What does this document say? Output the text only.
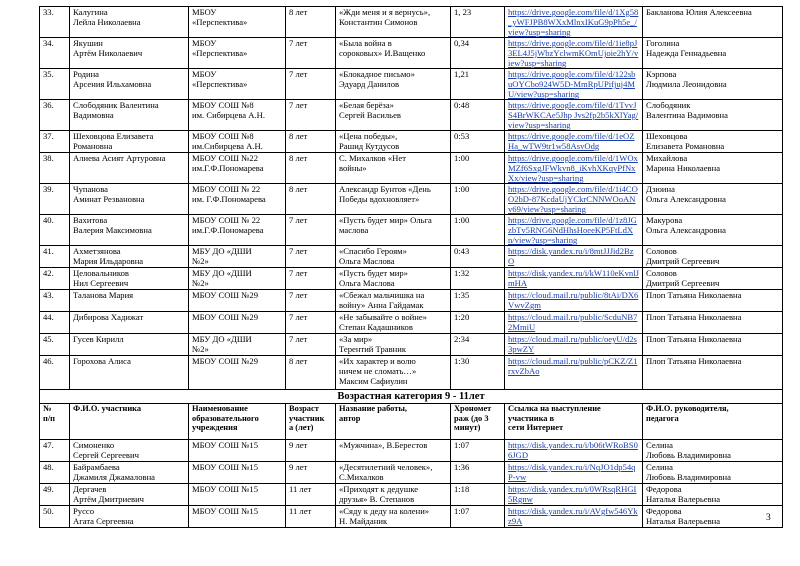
33.	Калугина
Лейла Николаевна	МБОУ
«Перспектива»	8 лет	«Жди меня и я вернусь»,
Константин Симонов	1, 23	https://drive.google.com/file/d/1Xg58_yWFJPB8WXxMlnxIKuG9pPh5e_/view?usp=sharing	Бакланова Юлия Алексеевна
34.	Якушин
Артём Николаевич	МБОУ
«Перспектива»	7 лет	«Была война в
сороковых» И.Ващенко	0,34	https://drive.google.com/file/d/1ie8pJ3EL4J5jWbzYclwmKOmUjoie2hY/view?usp=sharing	Гоголина
Надежда Геннадьевна
35.	Родина
Арсения Ильхамовна	МБОУ
«Перспектива»	7 лет	«Блокадное письмо»
Эдуард Данилов	1,21	https://drive.google.com/file/d/122sbuOYCbo924W5D-MmRpUPifjuj4MU/view?usp=sharing	Кэрпова
Людмила Леонидовна
36.	Слободяник Валентина
Вадимовна	МБОУ СОШ №8
им. Сибирцева А.Н.	7 лет	«Белая берёза»
Сергей Васильев	0:48	https://drive.google.com/file/d/1TvvJS4BrWKCAe5Jhp Jvs2fp2b5kXlYag/view?usp=sharing	Слободяник
Валентина Вадимовна
37.	Шеховцова Елизавета
Романовна	МБОУ СОШ №8
им.Сибирцева А.Н.	8 лет	«Цена победы»,
Рашид Кутдусов	0:53	https://drive.google.com/file/d/1eOZHa_wTW9tr1w58AsvOdg	Шеховцова
Елизавета Романовна
38.	Алиева Асият Артуровна	МБОУ СОШ №22
им.Г.Ф.Пономарева	8 лет	С. Михалков «Нет
войны»	1:00	https://drive.google.com/file/d/1WOxMZf6SxgJFWkvn8_iKvhXKqyPfNxXx/view?usp=sharing	Михайлова
Марина Николаевна
39.	Чупанова
Аминат Резвановна	МБОУ СОШ № 22
им. Г.Ф.Пономарева	8 лет	Александр Бунтов «День
Победы вдохновляет»	1:00	https://drive.google.com/file/d/1i4COO2bD-87KcdaUjYCkrCNNWOoANv69/view?usp=sharing	Дзюина
Ольга Александровна
40.	Вахитова
Валерия Максимовна	МБОУ СОШ № 22
им.Г.Ф.Пономарева	7 лет	«Пусть будет мир» Ольга
маслова	1:00	https://drive.google.com/file/d/1z8JGzbTv5RNG6NdHhsHoeeKP5FtLdXn/view?usp=sharing	Макурова
Ольга Александровна
41.	Ахметзянова
Мария Ильдаровна	МБУ ДО «ДШИ
№2»	7 лет	«Спасибо Героям»
Ольга Маслова	0:43	https://disk.yandex.ru/i/8mtJJJid2BzO	Соловов
Дмитрий Сергеевич
42.	Целовальников
Нил Сергеевич	МБУ ДО «ДШИ
№2»	7 лет	«Пусть будет мир»
Ольга Маслова	1:32	https://disk.yandex.ru/i/kW110eKvnlJmHA	Соловов
Дмитрий Сергеевич
43.	Таланова Мария	МБОУ СОШ №29	7 лет	«Сбежал мальчишка на
войну» Анна Гайдамак	1:35	https://cloud.mail.ru/public/8tAi/DX6VwvZgm	Плоп Татьяна Николаевна
44.	Дибирова Хадижат	МБОУ СОШ №29	7 лет	«Не забывайте о войне»
Степан Кадашников	1:20	https://cloud.mail.ru/public/ScduNB72MmiU	Плоп Татьяна Николаевна
45.	Гусев Кирилл	МБУ ДО «ДШИ
№2»	7 лет	«За мир»
Терентий Травник	2:34	https://cloud.mail.ru/public/oeyU/d2s3pwZY	Плоп Татьяна Николаевна
46.	Горохова Алиса	МБОУ СОШ №29	8 лет	«Их характер и волю
ничем не сломать…»
Максим Сафиулин	1:30	https://cloud.mail.ru/public/pCKZ/Z1rxvZbAo	Плоп Татьяна Николаевна
Возрастная категория 9 - 11лет							
№
п/п	Ф.И.О. участника	Наименование
образовательного
учреждения	Возраст
участник
а (лет)	Название работы,
автор	Хрономет
раж (до 3
минут)	Ссылка на выступление участника в
сети Интернет	Ф.И.О. руководителя,
педагога
47.	Симоненко
Сергей Сергеевич	МБОУ СОШ №15	9 лет	«Мужчина», В.Берестов	1:07	https://disk.yandex.ru/i/b06tWRoBS06JGD	Селина
Любовь Владимировна
48.	Байрамбаева
Джамиля Джамаловна	МБОУ СОШ №15	9 лет	«Десятилетний человек»,
С.Михалков	1:36	https://disk.yandex.ru/i/NqJO1dp54qP-vw	Селина
Любовь Владимировна
49.	Дергачев
Артём Дмитриевич	МБОУ СОШ №15	11 лет	«Приходят к дедушке
друзья» В. Степанов	1:18	https://disk.yandex.ru/i/0WRsqRHGI5Rgnw	Федорова
Наталья Валерьевна
50.	Руссо
Агата Сергеевна	МБОУ СОШ №15	11 лет	«Сяду к деду на колени»
Н. Майданик	1:07	https://disk.yandex.ru/i/AVgfw546Ykz9A	Федорова
Наталья Валерьевна	3
